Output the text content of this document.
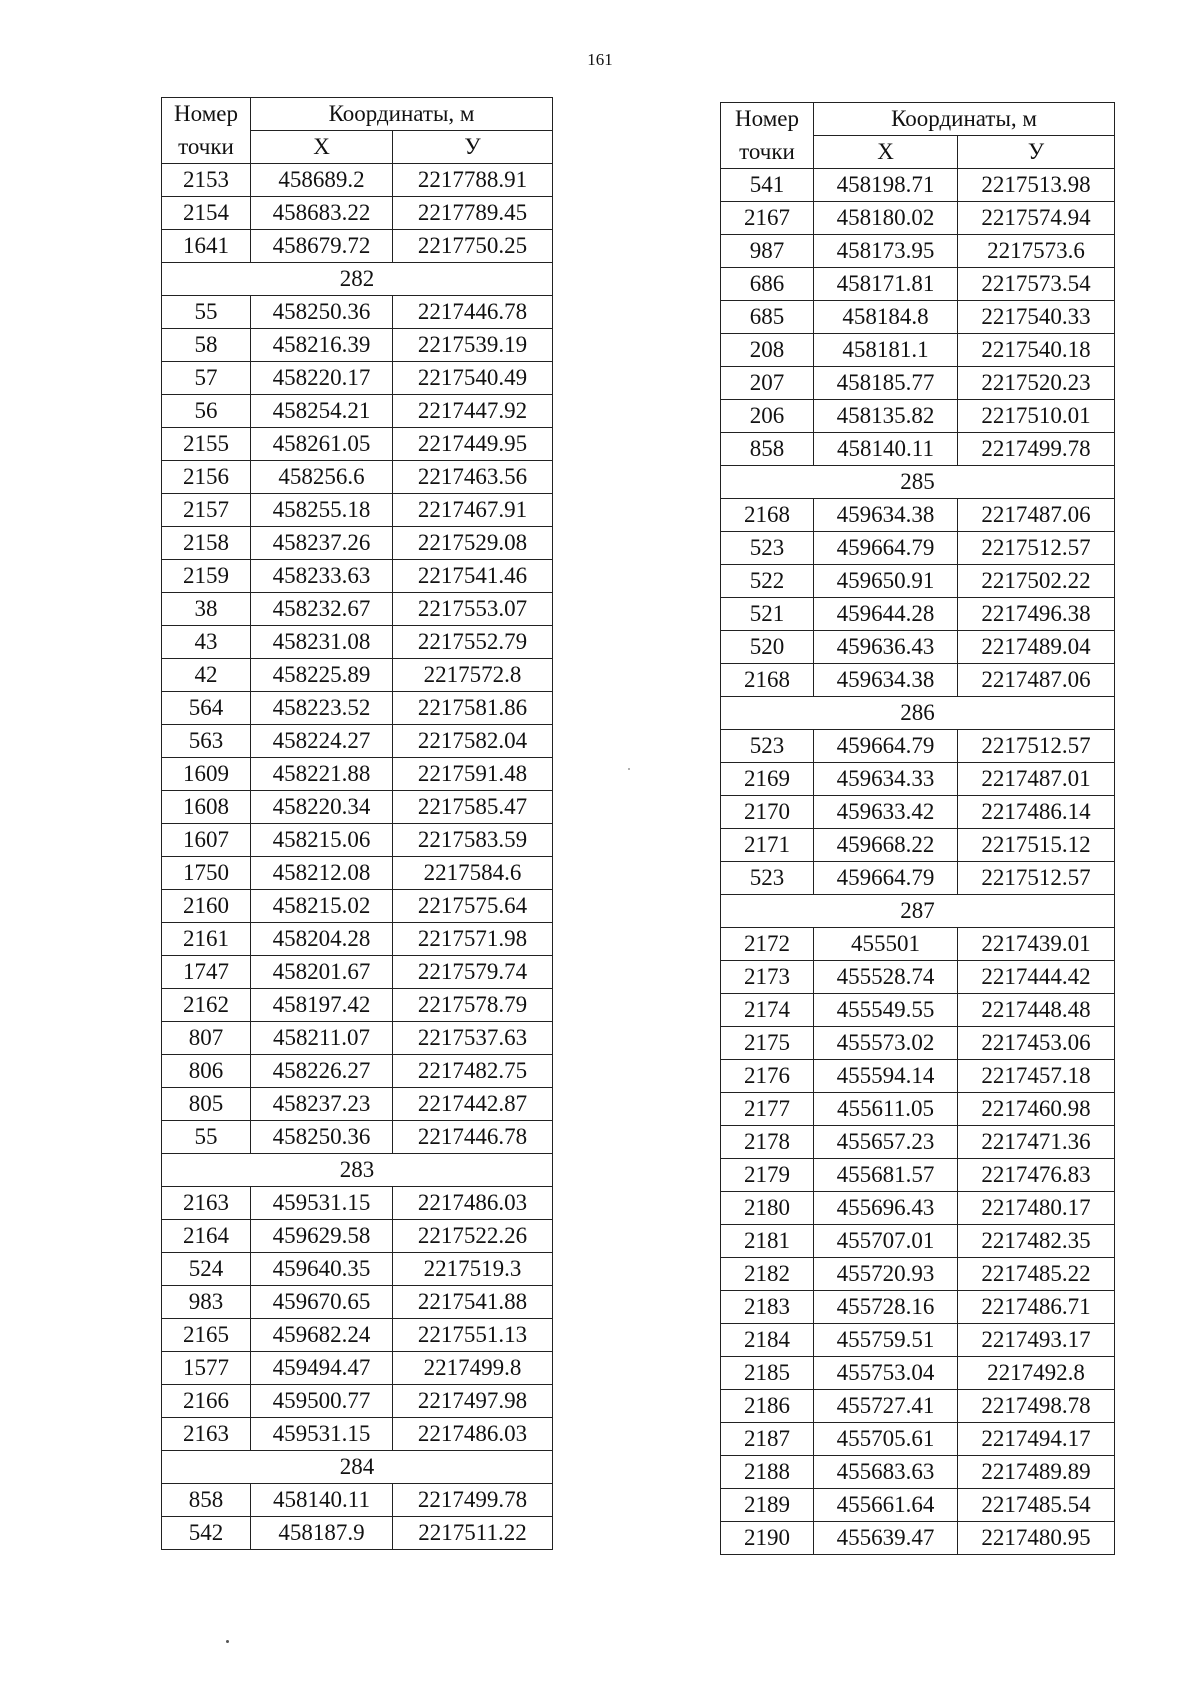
161
Номер	Координаты, м	
точки	X	У
2153	458689.2	2217788.91
2154	458683.22	2217789.45
1641	458679.72	2217750.25
282		
55	458250.36	2217446.78
58	458216.39	2217539.19
57	458220.17	2217540.49
56	458254.21	2217447.92
2155	458261.05	2217449.95
2156	458256.6	2217463.56
2157	458255.18	2217467.91
2158	458237.26	2217529.08
2159	458233.63	2217541.46
38	458232.67	2217553.07
43	458231.08	2217552.79
42	458225.89	2217572.8
564	458223.52	2217581.86
563	458224.27	2217582.04
1609	458221.88	2217591.48
1608	458220.34	2217585.47
1607	458215.06	2217583.59
1750	458212.08	2217584.6
2160	458215.02	2217575.64
2161	458204.28	2217571.98
1747	458201.67	2217579.74
2162	458197.42	2217578.79
807	458211.07	2217537.63
806	458226.27	2217482.75
805	458237.23	2217442.87
55	458250.36	2217446.78
283		
2163	459531.15	2217486.03
2164	459629.58	2217522.26
524	459640.35	2217519.3
983	459670.65	2217541.88
2165	459682.24	2217551.13
1577	459494.47	2217499.8
2166	459500.77	2217497.98
2163	459531.15	2217486.03
284		
858	458140.11	2217499.78
542	458187.9	2217511.22
Номер	Координаты, м	
точки	X	У
541	458198.71	2217513.98
2167	458180.02	2217574.94
987	458173.95	2217573.6
686	458171.81	2217573.54
685	458184.8	2217540.33
208	458181.1	2217540.18
207	458185.77	2217520.23
206	458135.82	2217510.01
858	458140.11	2217499.78
285		
2168	459634.38	2217487.06
523	459664.79	2217512.57
522	459650.91	2217502.22
521	459644.28	2217496.38
520	459636.43	2217489.04
2168	459634.38	2217487.06
286		
523	459664.79	2217512.57
2169	459634.33	2217487.01
2170	459633.42	2217486.14
2171	459668.22	2217515.12
523	459664.79	2217512.57
287		
2172	455501	2217439.01
2173	455528.74	2217444.42
2174	455549.55	2217448.48
2175	455573.02	2217453.06
2176	455594.14	2217457.18
2177	455611.05	2217460.98
2178	455657.23	2217471.36
2179	455681.57	2217476.83
2180	455696.43	2217480.17
2181	455707.01	2217482.35
2182	455720.93	2217485.22
2183	455728.16	2217486.71
2184	455759.51	2217493.17
2185	455753.04	2217492.8
2186	455727.41	2217498.78
2187	455705.61	2217494.17
2188	455683.63	2217489.89
2189	455661.64	2217485.54
2190	455639.47	2217480.95
